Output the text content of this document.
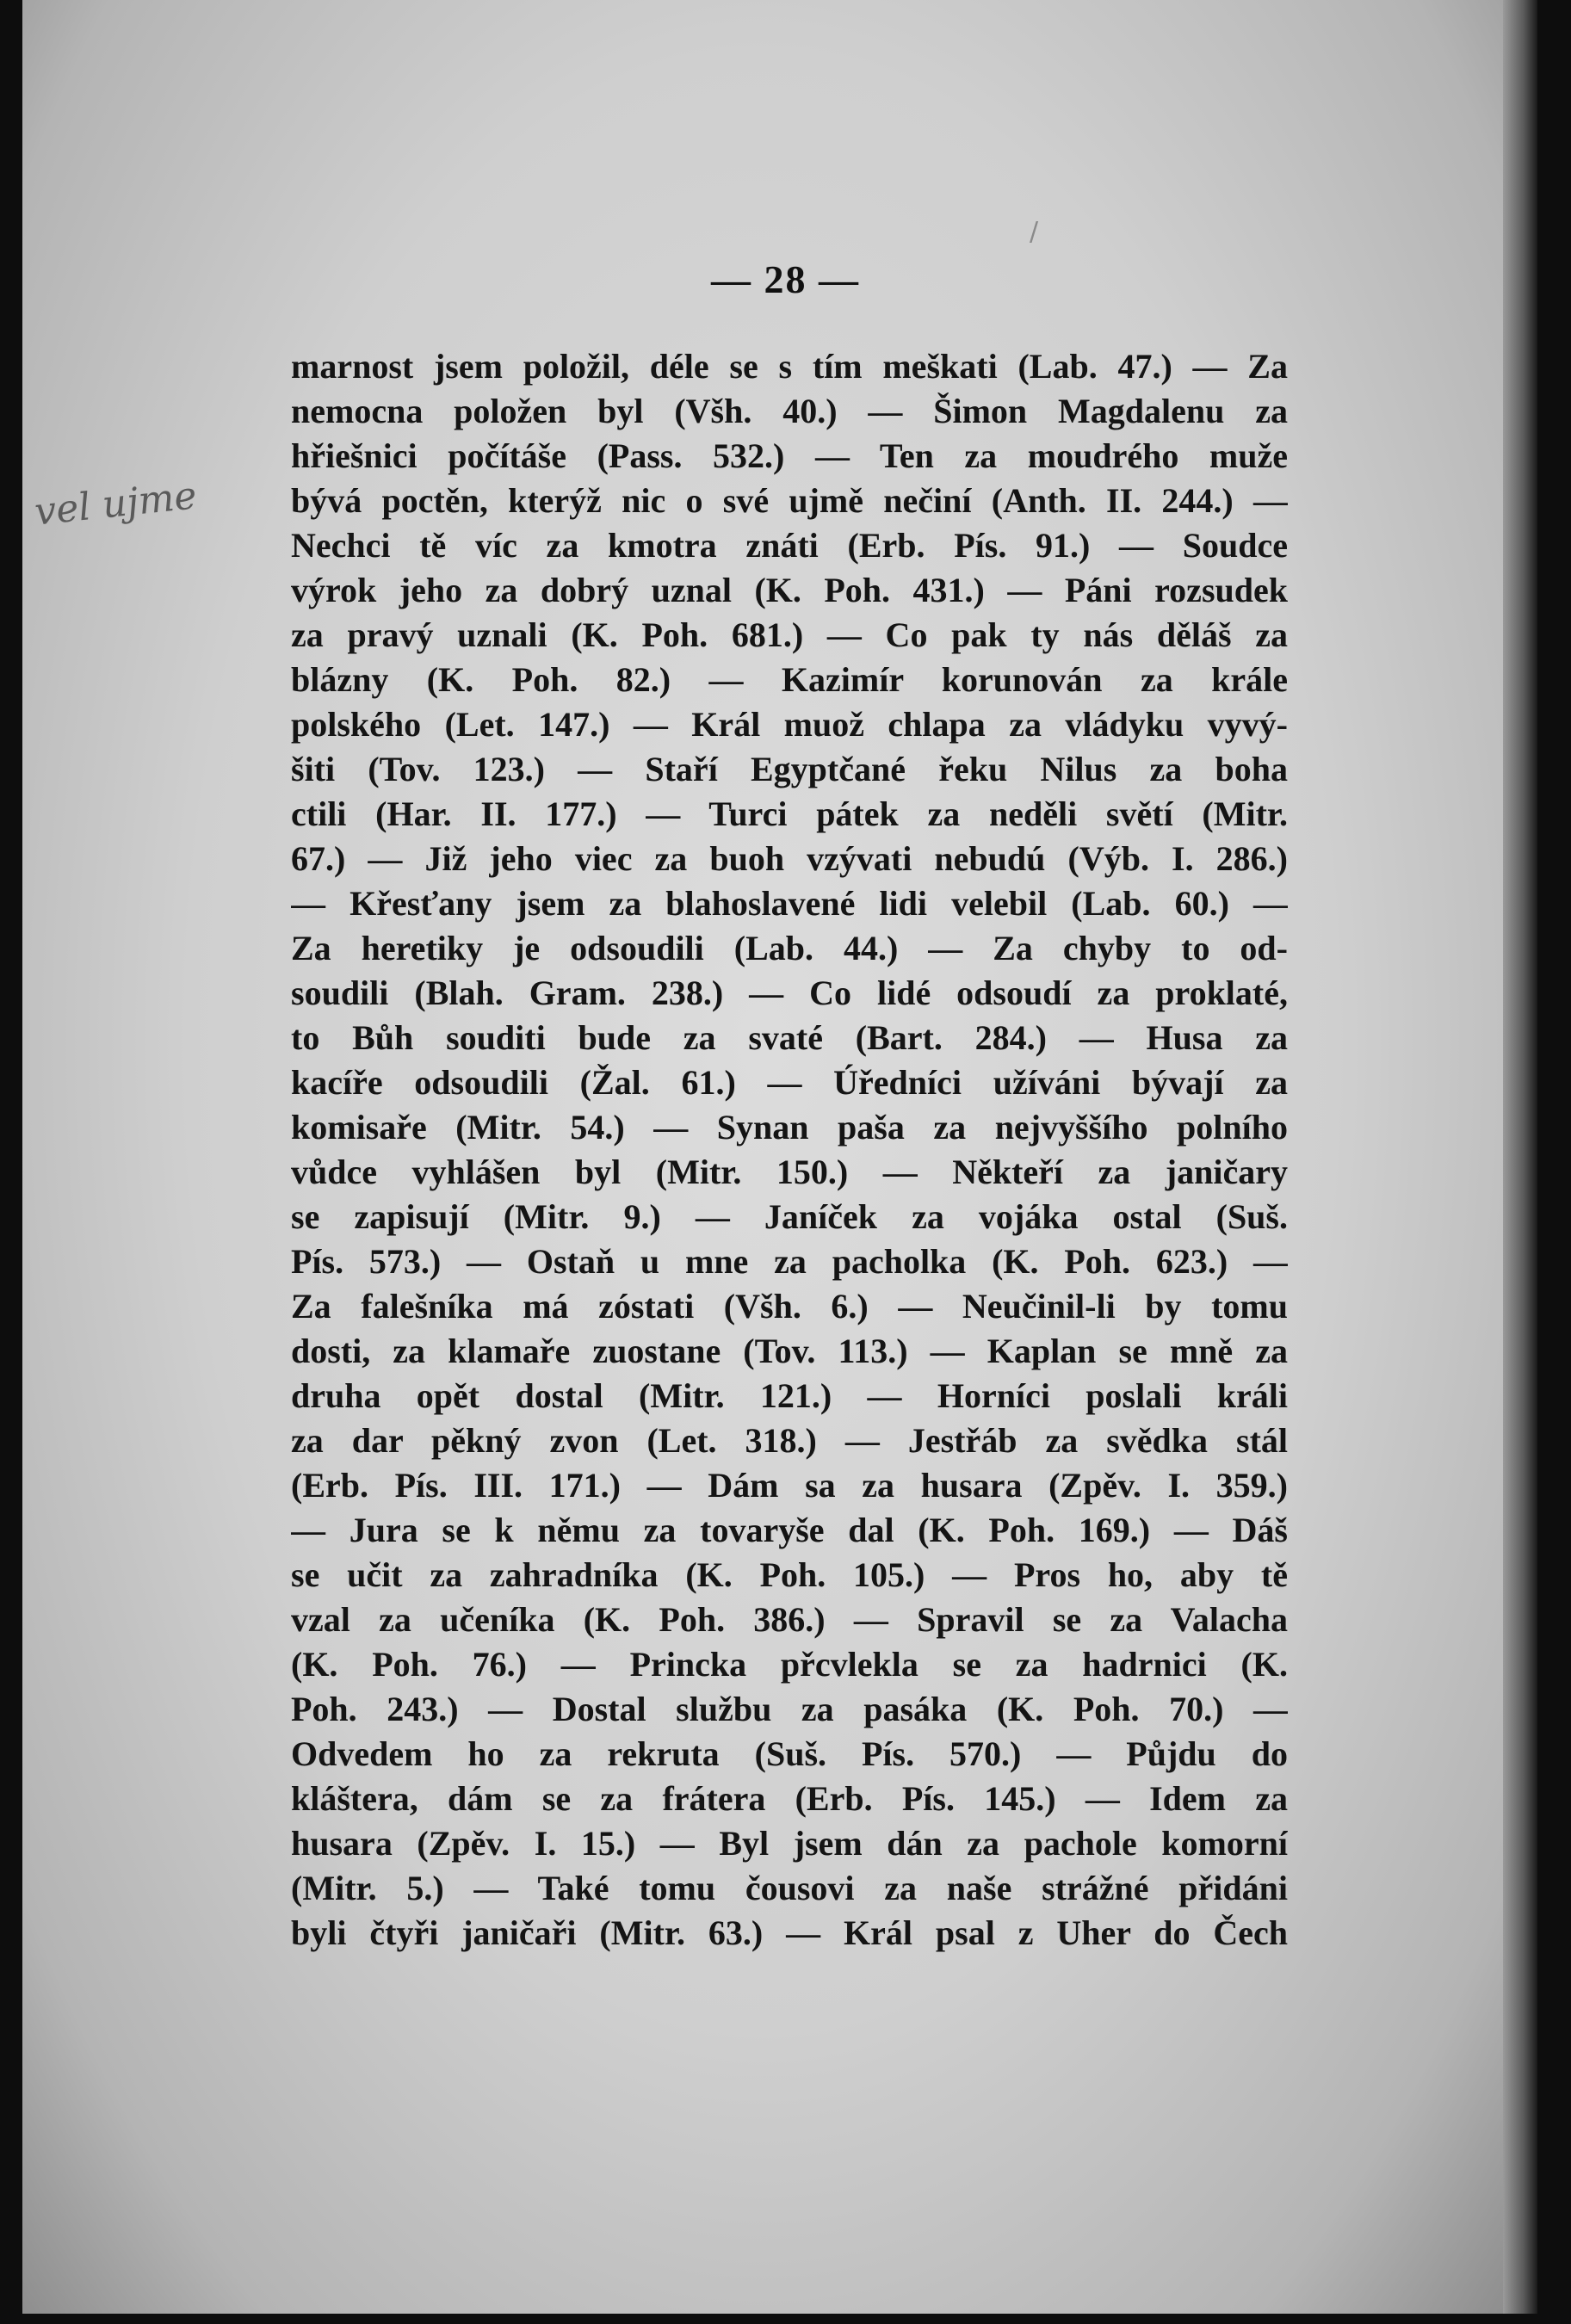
vel ujme
/
— 28 —
marnost jsem položil, déle se s tím meškati (Lab. 47.) — Za
nemocna položen byl (Všh. 40.) — Šimon Magdalenu za
hřiešnici počítáše (Pass. 532.) — Ten za moudrého muže
bývá poctěn, kterýž nic o své ujmě nečiní (Anth. II. 244.) —
Nechci tě víc za kmotra znáti (Erb. Pís. 91.) — Soudce
výrok jeho za dobrý uznal (K. Poh. 431.) — Páni rozsudek
za pravý uznali (K. Poh. 681.) — Co pak ty nás děláš za
blázny (K. Poh. 82.) — Kazimír korunován za krále
polského (Let. 147.) — Král muož chlapa za vládyku vyvý-
šiti (Tov. 123.) — Staří Egyptčané řeku Nilus za boha
ctili (Har. II. 177.) — Turci pátek za neděli světí (Mitr.
67.) — Již jeho viec za buoh vzývati nebudú (Výb. I. 286.)
— Křesťany jsem za blahoslavené lidi velebil (Lab. 60.) —
Za heretiky je odsoudili (Lab. 44.) — Za chyby to od-
soudili (Blah. Gram. 238.) — Co lidé odsoudí za proklaté,
to Bůh souditi bude za svaté (Bart. 284.) — Husa za
kacíře odsoudili (Žal. 61.) — Úředníci užíváni bývají za
komisaře (Mitr. 54.) — Synan paša za nejvyššího polního
vůdce vyhlášen byl (Mitr. 150.) — Někteří za janičary
se zapisují (Mitr. 9.) — Janíček za vojáka ostal (Suš.
Pís. 573.) — Ostaň u mne za pacholka (K. Poh. 623.) —
Za falešníka má zóstati (Všh. 6.) — Neučinil-li by tomu
dosti, za klamaře zuostane (Tov. 113.) — Kaplan se mně za
druha opět dostal (Mitr. 121.) — Horníci poslali králi
za dar pěkný zvon (Let. 318.) — Jestřáb za svědka stál
(Erb. Pís. III. 171.) — Dám sa za husara (Zpěv. I. 359.)
— Jura se k němu za tovaryše dal (K. Poh. 169.) — Dáš
se učit za zahradníka (K. Poh. 105.) — Pros ho, aby tě
vzal za učeníka (K. Poh. 386.) — Spravil se za Valacha
(K. Poh. 76.) — Princka přcvlekla se za hadrnici (K.
Poh. 243.) — Dostal službu za pasáka (K. Poh. 70.) —
Odvedem ho za rekruta (Suš. Pís. 570.) — Půjdu do
kláštera, dám se za frátera (Erb. Pís. 145.) — Idem za
husara (Zpěv. I. 15.) — Byl jsem dán za pachole komorní
(Mitr. 5.) — Také tomu čousovi za naše strážné přidáni
byli čtyři janičaři (Mitr. 63.) — Král psal z Uher do Čech
